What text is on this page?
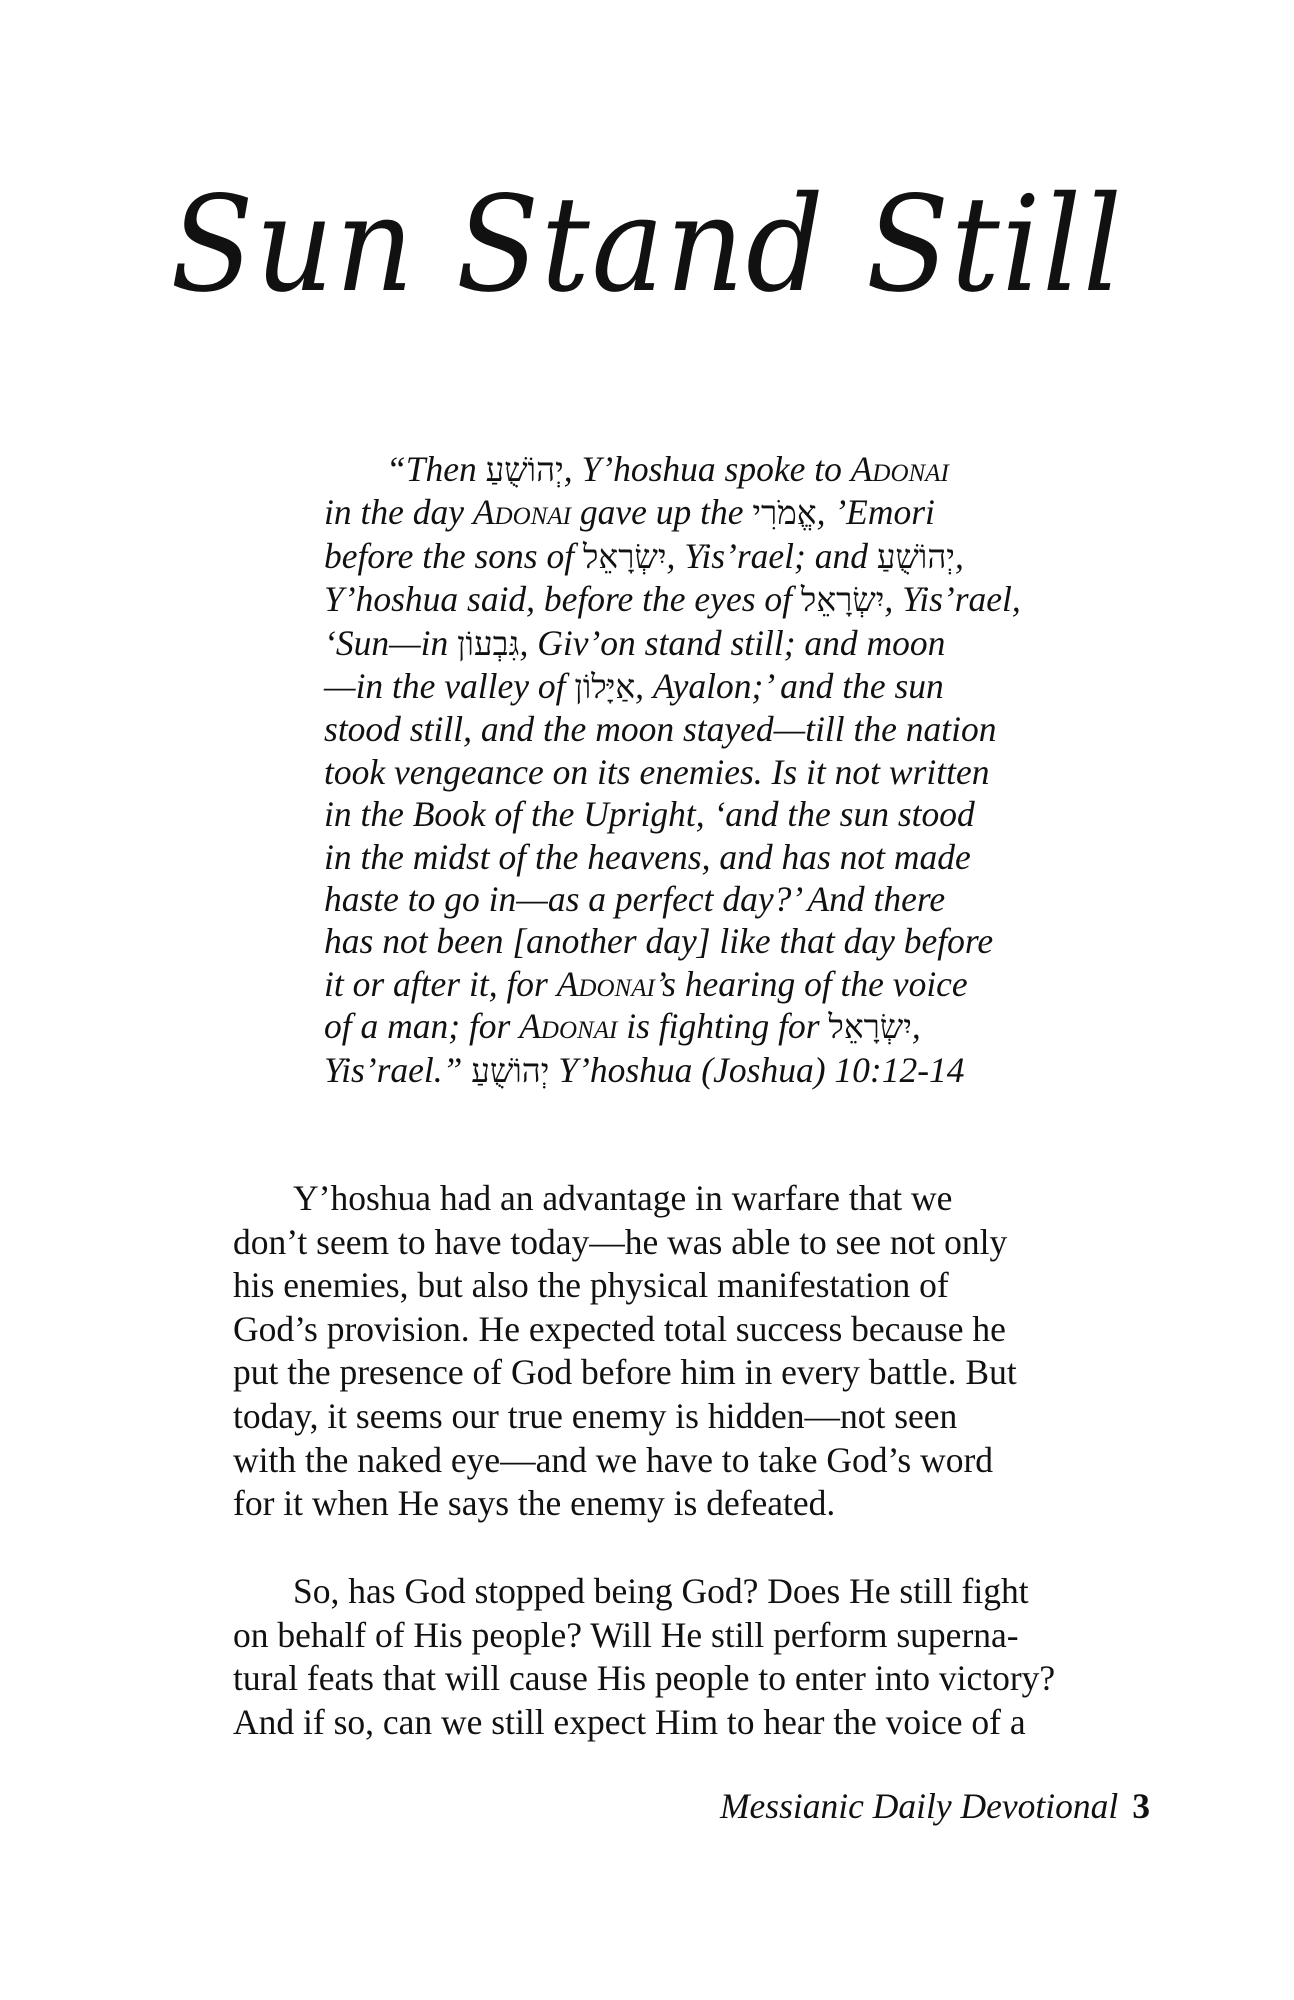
Sun Stand Still
“Then יְהוֹשֻׁעַ, Y’hoshua spoke to Adonai
in the day Adonai gave up the אֱמֹרִי, ’Emori
before the sons of יִשְׂרָאֵל, Yis’rael; and יְהוֹשֻׁעַ,
Y’hoshua said, before the eyes of יִשְׂרָאֵל, Yis’rael,
‘Sun—in גִּבְעוֹן, Giv’on stand still; and moon
—in the valley of אַיָּלוֹן, Ayalon;’ and the sun
stood still, and the moon stayed—till the nation
took vengeance on its enemies. Is it not written
in the Book of the Upright, ‘and the sun stood
in the midst of the heavens, and has not made
haste to go in—as a perfect day?’ And there
has not been [another day] like that day before
it or after it, for Adonai’s hearing of the voice
of a man; for Adonai is fighting for יִשְׂרָאֵל,
Yis’rael.” יְהוֹשֻׁעַ Y’hoshua (Joshua) 10:12-14
Y’hoshua had an advantage in warfare that we
don’t seem to have today—he was able to see not only
his enemies, but also the physical manifestation of
God’s provision. He expected total success because he
put the presence of God before him in every battle. But
today, it seems our true enemy is hidden—not seen
with the naked eye—and we have to take God’s word
for it when He says the enemy is defeated.
So, has God stopped being God? Does He still fight
on behalf of His people? Will He still perform superna-
tural feats that will cause His people to enter into victory?
And if so, can we still expect Him to hear the voice of a
Messianic Daily Devotional 3
